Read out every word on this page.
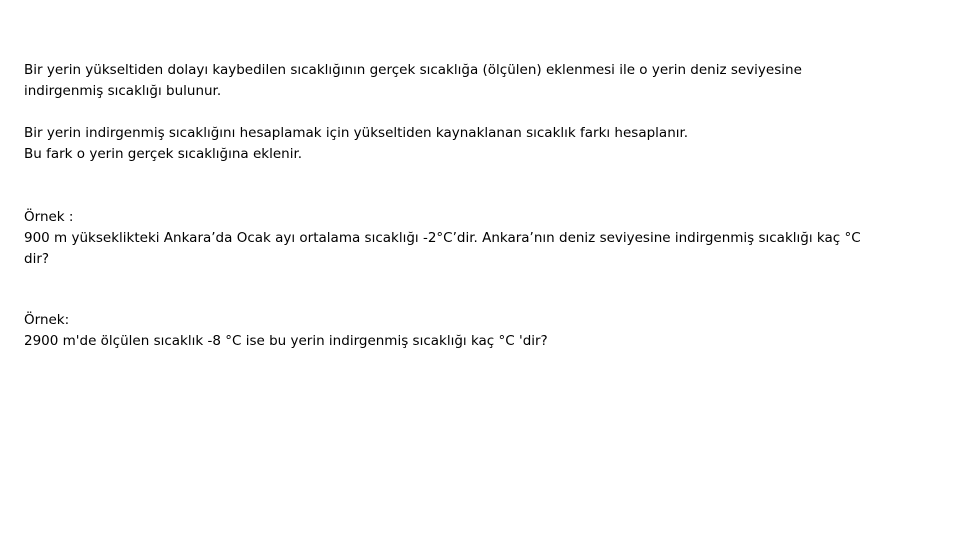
Bir yerin yükseltiden dolayı kaybedilen sıcaklığının gerçek sıcaklığa (ölçülen) eklenmesi ile o yerin deniz seviyesine
indirgenmiş sıcaklığı bulunur.

Bir yerin indirgenmiş sıcaklığını hesaplamak için yükseltiden kaynaklanan sıcaklık farkı hesaplanır.
Bu fark o yerin gerçek sıcaklığına eklenir.

Örnek :
900 m yükseklikteki Ankara’da Ocak ayı ortalama sıcaklığı -2°C’dir. Ankara’nın deniz seviyesine indirgenmiş sıcaklığı kaç °C
dir?

Örnek:
2900 m'de ölçülen sıcaklık -8 °C ise bu yerin indirgenmiş sıcaklığı kaç °C 'dir?
